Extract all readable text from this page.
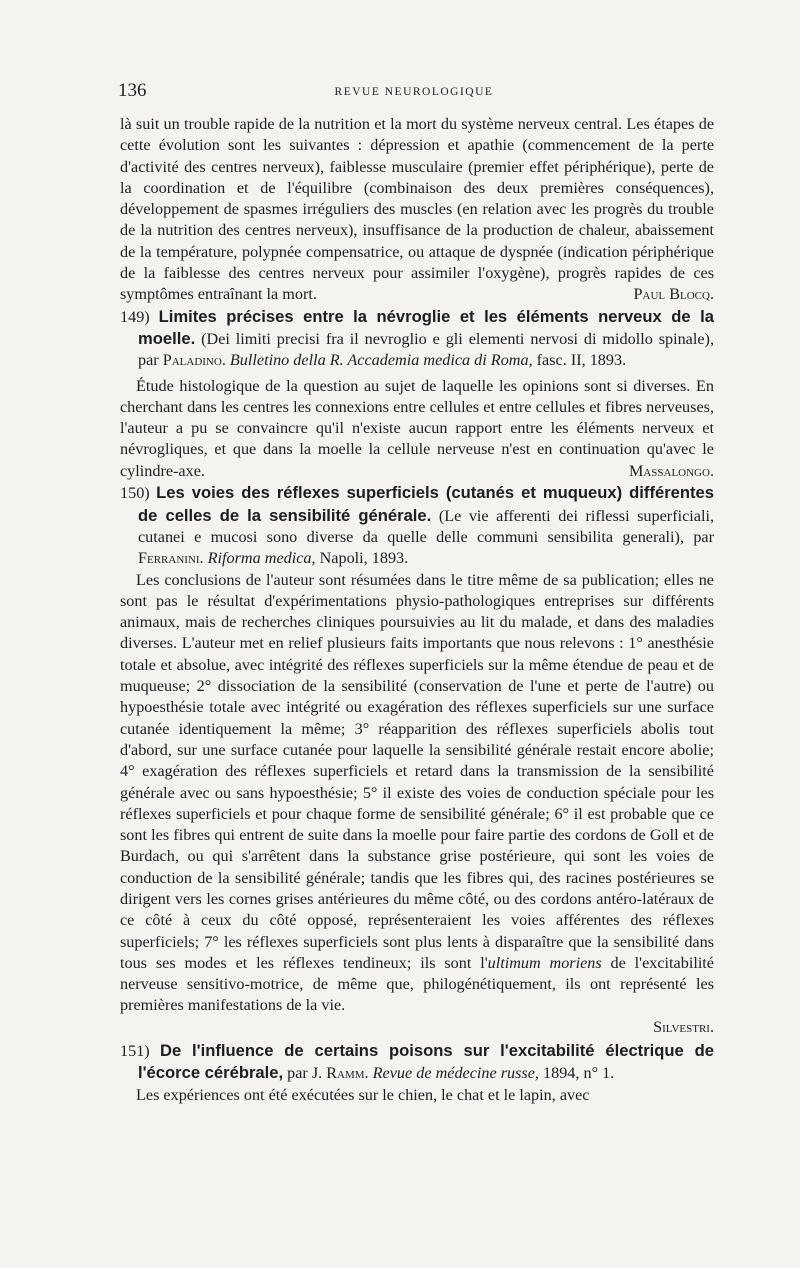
136	REVUE NEUROLOGIQUE

là suit un trouble rapide de la nutrition et la mort du système nerveux central. Les étapes de cette évolution sont les suivantes : dépression et apathie (commencement de la perte d'activité des centres nerveux), faiblesse musculaire (premier effet périphérique), perte de la coordination et de l'équilibre (combinaison des deux premières conséquences), développement de spasmes irréguliers des muscles (en relation avec les progrès du trouble de la nutrition des centres nerveux), insuffisance de la production de chaleur, abaissement de la température, polypnée compensatrice, ou attaque de dyspnée (indication périphérique de la faiblesse des centres nerveux pour assimiler l'oxygène), progrès rapides de ces symptômes entraînant la mort.	Paul Blocq.

149) Limites précises entre la névroglie et les éléments nerveux de la moelle. (Dei limiti precisi fra il nevroglio e gli elementi nervosi di midollo spinale), par Paladino. Bulletino della R. Accademia medica di Roma, fasc. II, 1893.

Étude histologique de la question au sujet de laquelle les opinions sont si diverses. En cherchant dans les centres les connexions entre cellules et entre cellules et fibres nerveuses, l'auteur a pu se convaincre qu'il n'existe aucun rapport entre les éléments nerveux et névrogliques, et que dans la moelle la cellule nerveuse n'est en continuation qu'avec le cylindre-axe.	Massalongo.

150) Les voies des réflexes superficiels (cutanés et muqueux) différentes de celles de la sensibilité générale. (Le vie afferenti dei riflessi superficiali, cutanei e mucosi sono diverse da quelle delle communi sensibilita generali), par Ferranini. Riforma medica, Napoli, 1893.

Les conclusions de l'auteur sont résumées dans le titre même de sa publication; elles ne sont pas le résultat d'expérimentations physio-pathologiques entreprises sur différents animaux, mais de recherches cliniques poursuivies au lit du malade, et dans des maladies diverses. L'auteur met en relief plusieurs faits importants que nous relevons : 1° anesthésie totale et absolue, avec intégrité des réflexes superficiels sur la même étendue de peau et de muqueuse; 2° dissociation de la sensibilité (conservation de l'une et perte de l'autre) ou hypoesthésie totale avec intégrité ou exagération des réflexes superficiels sur une surface cutanée identiquement la même; 3° réapparition des réflexes superficiels abolis tout d'abord, sur une surface cutanée pour laquelle la sensibilité générale restait encore abolie; 4° exagération des réflexes superficiels et retard dans la transmission de la sensibilité générale avec ou sans hypoesthésie; 5° il existe des voies de conduction spéciale pour les réflexes superficiels et pour chaque forme de sensibilité générale; 6° il est probable que ce sont les fibres qui entrent de suite dans la moelle pour faire partie des cordons de Goll et de Burdach, ou qui s'arrêtent dans la substance grise postérieure, qui sont les voies de conduction de la sensibilité générale; tandis que les fibres qui, des racines postérieures se dirigent vers les cornes grises antérieures du même côté, ou des cordons antéro-latéraux de ce côté à ceux du côté opposé, représenteraient les voies afférentes des réflexes superficiels; 7° les réflexes superficiels sont plus lents à disparaître que la sensibilité dans tous ses modes et les réflexes tendineux; ils sont l'ultimum moriens de l'excitabilité nerveuse sensitivo-motrice, de même que, philogénétiquement, ils ont représenté les premières manifestations de la vie.

Silvestri.

151) De l'influence de certains poisons sur l'excitabilité électrique de l'écorce cérébrale, par J. Ramm. Revue de médecine russe, 1894, n° 1.

Les expériences ont été exécutées sur le chien, le chat et le lapin, avec
